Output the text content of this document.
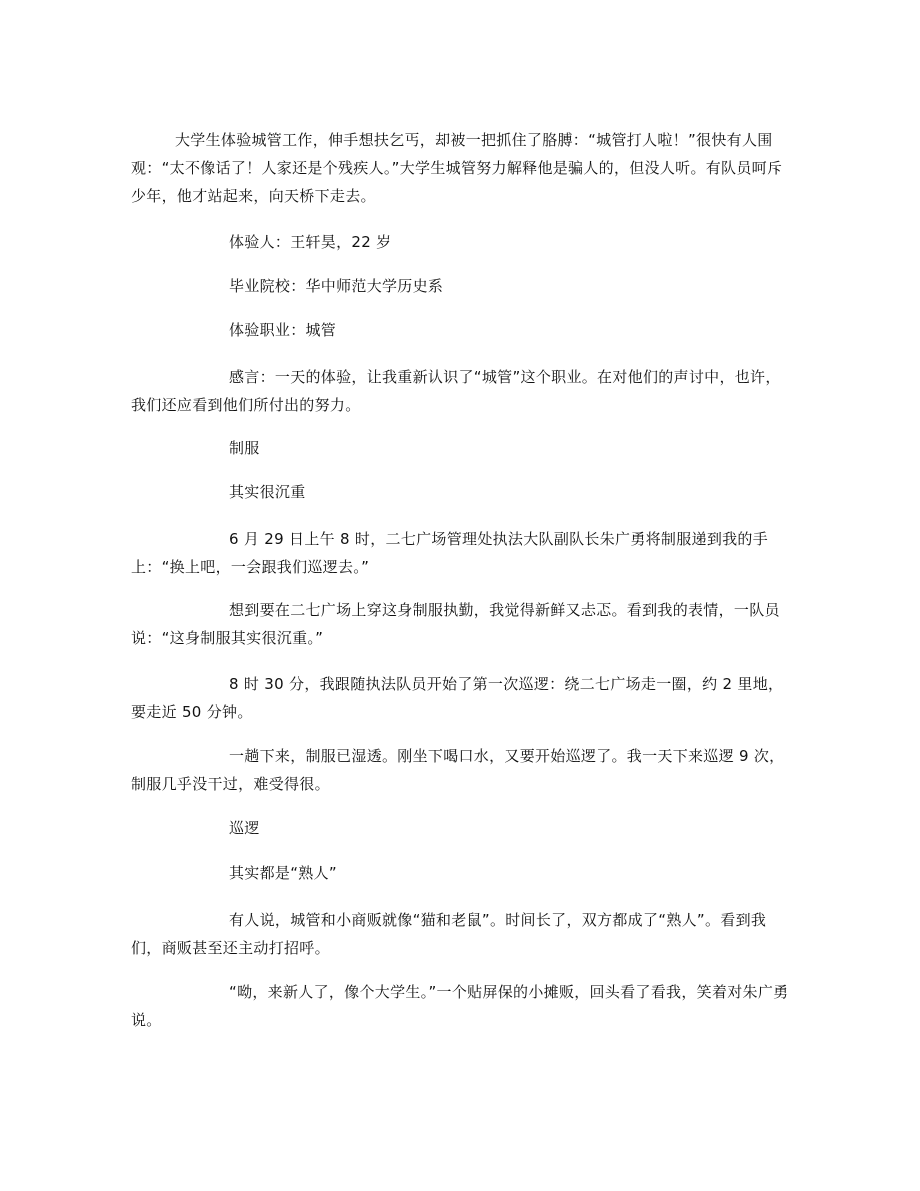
大学生体验城管工作，伸手想扶乞丐，却被一把抓住了胳膊：“城管打人啦！”很快有人围观：“太不像话了！人家还是个残疾人。”大学生城管努力解释他是骗人的，但没人听。有队员呵斥少年，他才站起来，向天桥下走去。
体验人：王轩昊，22 岁
毕业院校：华中师范大学历史系
体验职业：城管
感言：一天的体验，让我重新认识了“城管”这个职业。在对他们的声讨中，也许，我们还应看到他们所付出的努力。
制服
其实很沉重
6 月 29 日上午 8 时，二七广场管理处执法大队副队长朱广勇将制服递到我的手上：“换上吧，一会跟我们巡逻去。”
想到要在二七广场上穿这身制服执勤，我觉得新鲜又忐忑。看到我的表情，一队员说：“这身制服其实很沉重。”
8 时 30 分，我跟随执法队员开始了第一次巡逻：绕二七广场走一圈，约 2 里地，要走近 50 分钟。
一趟下来，制服已湿透。刚坐下喝口水，又要开始巡逻了。我一天下来巡逻 9 次，制服几乎没干过，难受得很。
巡逻
其实都是“熟人”
有人说，城管和小商贩就像“猫和老鼠”。时间长了，双方都成了“熟人”。看到我们，商贩甚至还主动打招呼。
“呦，来新人了，像个大学生。”一个贴屏保的小摊贩，回头看了看我，笑着对朱广勇说。
